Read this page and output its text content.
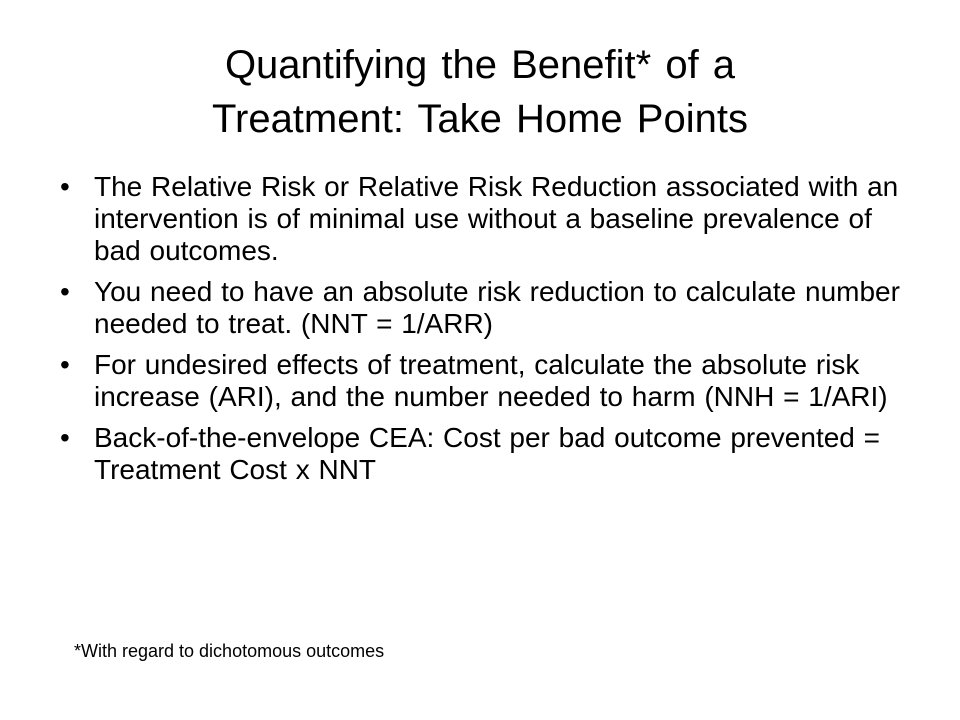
Quantifying the Benefit* of a
Treatment: Take Home Points
• The Relative Risk or Relative Risk Reduction associated with an intervention is of minimal use without a baseline prevalence of bad outcomes.
• You need to have an absolute risk reduction to calculate number needed to treat. (NNT = 1/ARR)
• For undesired effects of treatment, calculate the absolute risk increase (ARI), and the number needed to harm (NNH = 1/ARI)
• Back-of-the-envelope CEA: Cost per bad outcome prevented = Treatment Cost x NNT
*With regard to dichotomous outcomes
